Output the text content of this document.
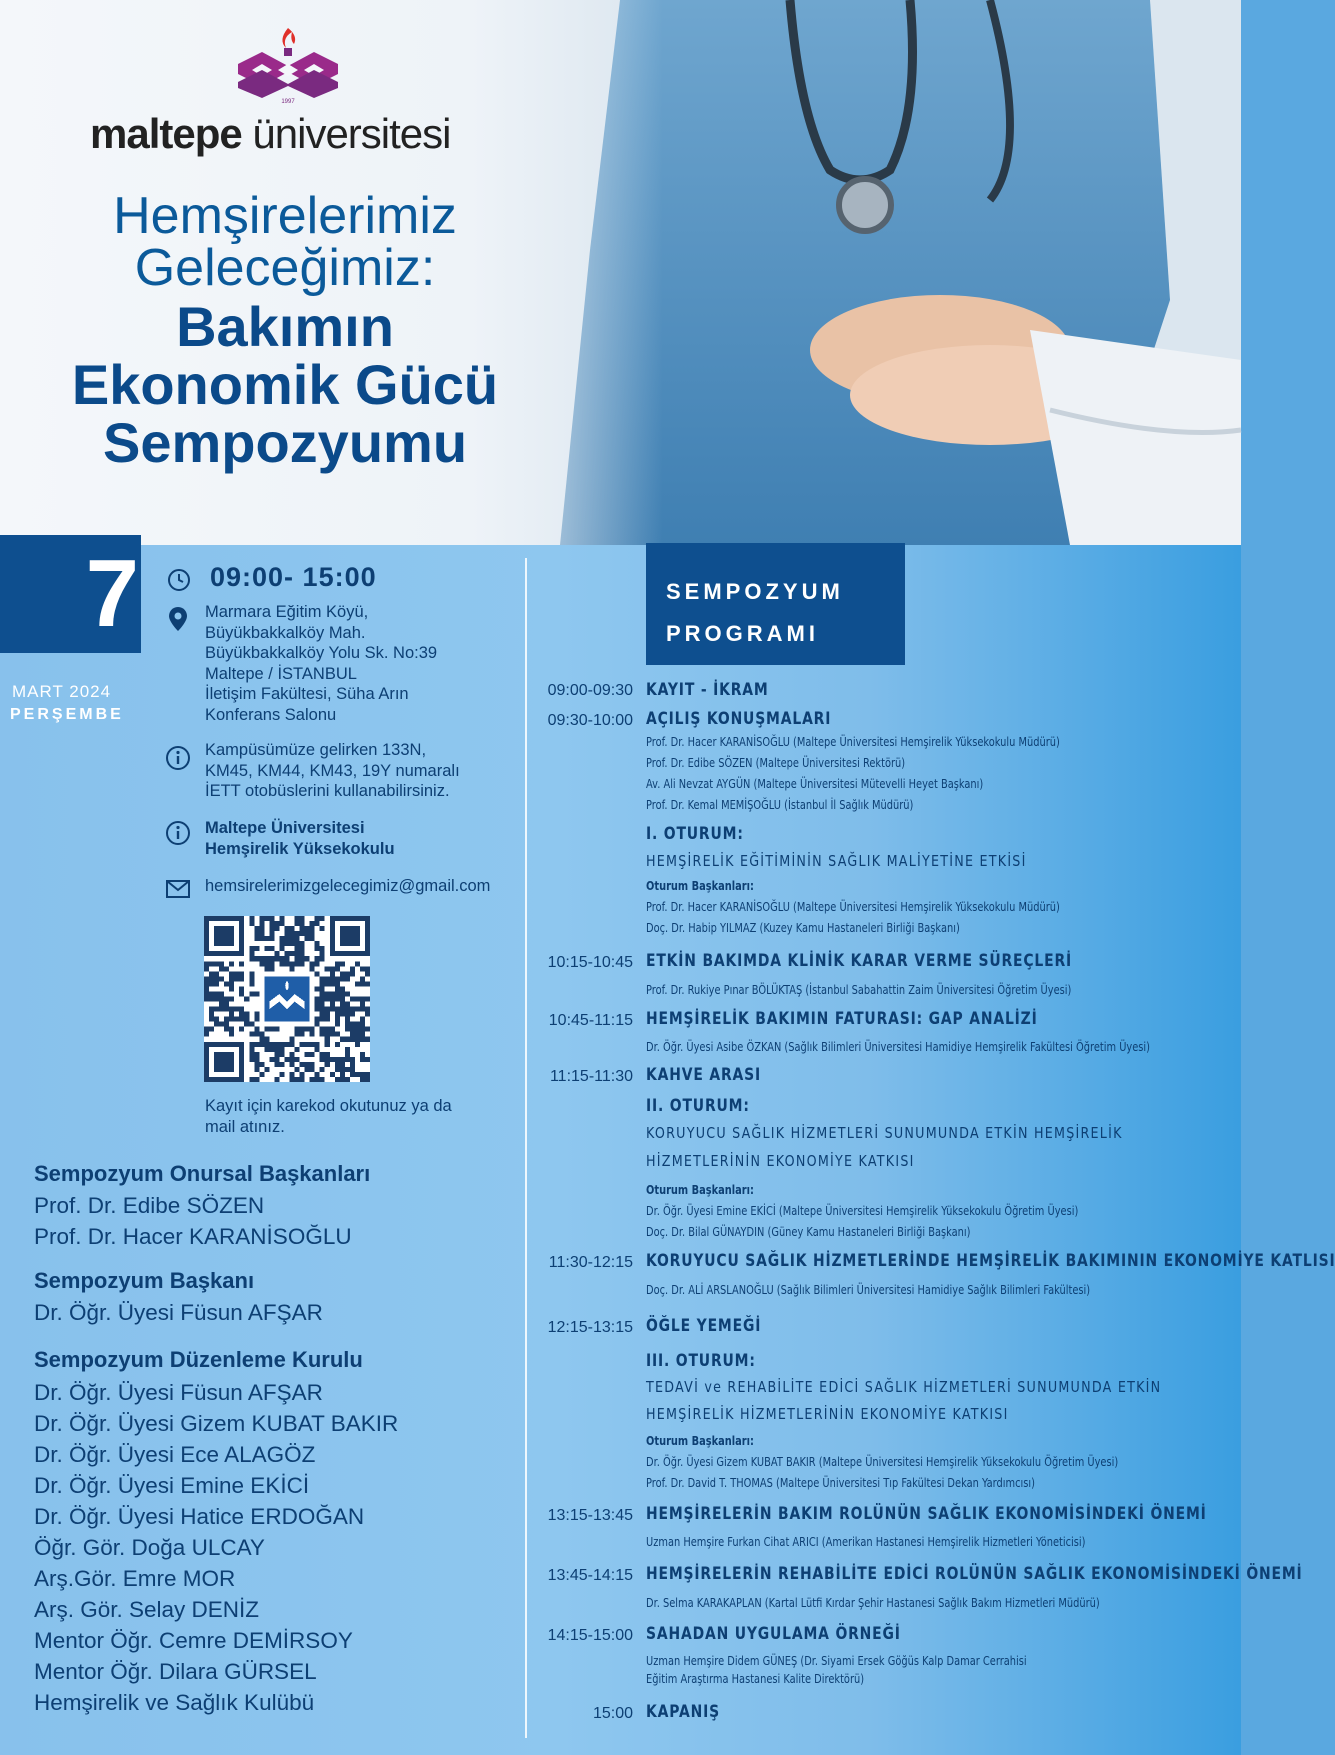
1997
maltepe üniversitesi
Hemşirelerimiz
Geleceğimiz:
Bakımın
Ekonomik Gücü
Sempozyumu
7
MART 2024
PERŞEMBE
09:00- 15:00
Marmara Eğitim Köyü,
Büyükbakkalköy Mah.
Büyükbakkalköy Yolu Sk. No:39
Maltepe / İSTANBUL
İletişim Fakültesi, Süha Arın
Konferans Salonu
Kampüsümüze gelirken 133N,
KM45, KM44, KM43, 19Y numaralı
İETT otobüslerini kullanabilirsiniz.
Maltepe Üniversitesi
Hemşirelik Yüksekokulu
hemsirelerimizgelecegimiz@gmail.com
Kayıt için karekod okutunuz ya da
mail atınız.
Sempozyum Onursal Başkanları
Prof. Dr. Edibe SÖZEN
Prof. Dr. Hacer KARANİSOĞLU
Sempozyum Başkanı
Dr. Öğr. Üyesi Füsun AFŞAR
Sempozyum Düzenleme Kurulu
Dr. Öğr. Üyesi Füsun AFŞAR
Dr. Öğr. Üyesi Gizem KUBAT BAKIR
Dr. Öğr. Üyesi Ece ALAGÖZ
Dr. Öğr. Üyesi Emine EKİCİ
Dr. Öğr. Üyesi Hatice ERDOĞAN
Öğr. Gör. Doğa ULCAY
Arş.Gör. Emre MOR
Arş. Gör. Selay DENİZ
Mentor Öğr. Cemre DEMİRSOY
Mentor Öğr. Dilara GÜRSEL
Hemşirelik ve Sağlık Kulübü
SEMPOZYUM
PROGRAMI
09:00-09:30 KAYIT - İKRAM
09:30-10:00 AÇILIŞ KONUŞMALARI
Prof. Dr. Hacer KARANİSOĞLU (Maltepe Üniversitesi Hemşirelik Yüksekokulu Müdürü)
Prof. Dr. Edibe SÖZEN (Maltepe Üniversitesi Rektörü)
Av. Ali Nevzat AYGÜN (Maltepe Üniversitesi Mütevelli Heyet Başkanı)
Prof. Dr. Kemal MEMİŞOĞLU (İstanbul İl Sağlık Müdürü)
I. OTURUM:
HEMŞİRELİK EĞİTİMİNİN SAĞLIK MALİYETİNE ETKİSİ
Oturum Başkanları:
Prof. Dr. Hacer KARANİSOĞLU (Maltepe Üniversitesi Hemşirelik Yüksekokulu Müdürü)
Doç. Dr. Habip YILMAZ (Kuzey Kamu Hastaneleri Birliği Başkanı)
10:15-10:45 ETKİN BAKIMDA KLİNİK KARAR VERME SÜREÇLERİ
Prof. Dr. Rukiye Pınar BÖLÜKTAŞ (İstanbul Sabahattin Zaim Üniversitesi Öğretim Üyesi)
10:45-11:15 HEMŞİRELİK BAKIMIN FATURASI: GAP ANALİZİ
Dr. Öğr. Üyesi Asibe ÖZKAN (Sağlık Bilimleri Üniversitesi Hamidiye Hemşirelik Fakültesi Öğretim Üyesi)
11:15-11:30 KAHVE ARASI
II. OTURUM:
KORUYUCU SAĞLIK HİZMETLERİ SUNUMUNDA ETKİN HEMŞİRELİK
HİZMETLERİNİN EKONOMİYE KATKISI
Oturum Başkanları:
Dr. Öğr. Üyesi Emine EKİCİ (Maltepe Üniversitesi Hemşirelik Yüksekokulu Öğretim Üyesi)
Doç. Dr. Bilal GÜNAYDIN (Güney Kamu Hastaneleri Birliği Başkanı)
11:30-12:15 KORUYUCU SAĞLIK HİZMETLERİNDE HEMŞİRELİK BAKIMININ EKONOMİYE KATLISI
Doç. Dr. ALİ ARSLANOĞLU (Sağlık Bilimleri Üniversitesi Hamidiye Sağlık Bilimleri Fakültesi)
12:15-13:15 ÖĞLE YEMEĞİ
III. OTURUM:
TEDAVİ ve REHABİLİTE EDİCİ SAĞLIK HİZMETLERİ SUNUMUNDA ETKİN
HEMŞİRELİK HİZMETLERİNİN EKONOMİYE KATKISI
Oturum Başkanları:
Dr. Öğr. Üyesi Gizem KUBAT BAKIR (Maltepe Üniversitesi Hemşirelik Yüksekokulu Öğretim Üyesi)
Prof. Dr. David T. THOMAS (Maltepe Üniversitesi Tıp Fakültesi Dekan Yardımcısı)
13:15-13:45 HEMŞİRELERİN BAKIM ROLÜNÜN SAĞLIK EKONOMİSİNDEKİ ÖNEMİ
Uzman Hemşire Furkan Cihat ARICI (Amerikan Hastanesi Hemşirelik Hizmetleri Yöneticisi)
13:45-14:15 HEMŞİRELERİN REHABİLİTE EDİCİ ROLÜNÜN SAĞLIK EKONOMİSİNDEKİ ÖNEMİ
Dr. Selma KARAKAPLAN (Kartal Lütfi Kırdar Şehir Hastanesi Sağlık Bakım Hizmetleri Müdürü)
14:15-15:00 SAHADAN UYGULAMA ÖRNEĞİ
Uzman Hemşire Didem GÜNEŞ (Dr. Siyami Ersek Göğüs Kalp Damar Cerrahisi
Eğitim Araştırma Hastanesi Kalite Direktörü)
15:00 KAPANIŞ
